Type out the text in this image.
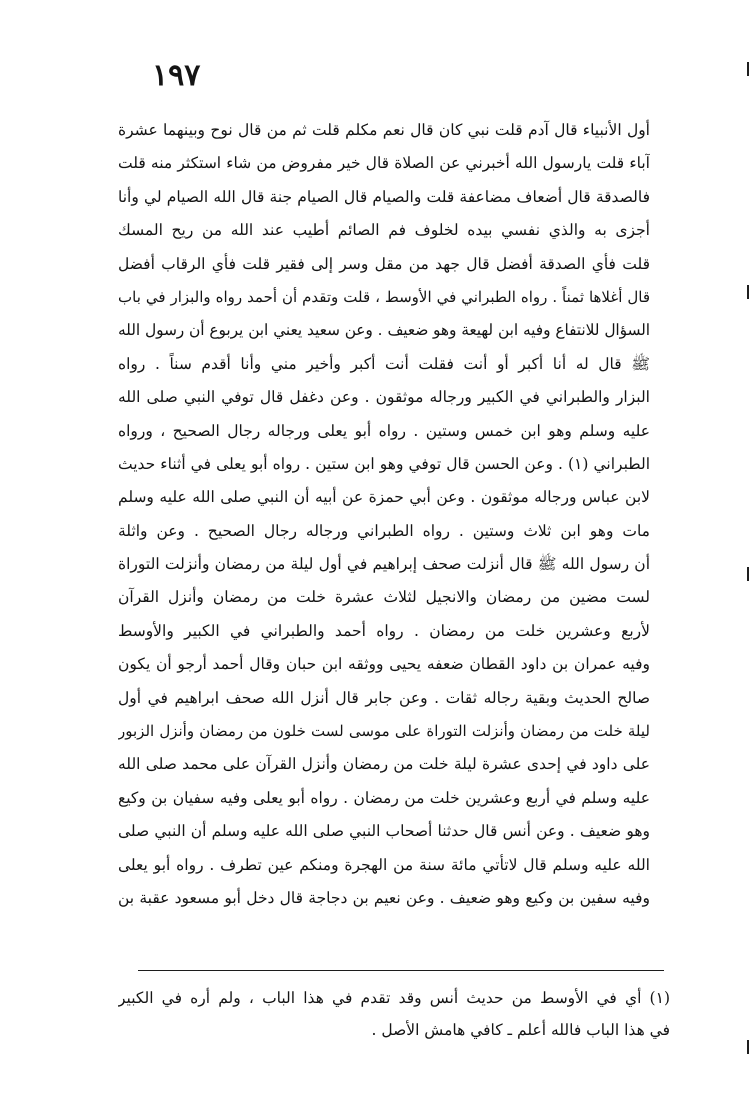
١٩٧
أول الأنبياء قال آدم قلت نبي كان قال نعم مكلم قلت ثم من قال نوح وبينهما عشرة
آباء قلت يارسول الله أخبرني عن الصلاة قال خير مفروض من شاء استكثر منه قلت
فالصدقة قال أضعاف مضاعفة قلت والصيام قال الصيام جنة قال الله الصيام لي وأنا
أجزى به والذي نفسي بيده لخلوف فم الصائم أطيب عند الله من ريح المسك
قلت فأي الصدقة أفضل قال جهد من مقل وسر إلى فقير قلت فأي الرقاب أفضل
قال أغلاها ثمناً . رواه الطبراني في الأوسط ، قلت وتقدم أن أحمد رواه والبزار في باب
السؤال للانتفاع وفيه ابن لهيعة وهو ضعيف . وعن سعيد يعني ابن يربوع أن رسول الله
ﷺ قال له أنا أكبر أو أنت فقلت أنت أكبر وأخير مني وأنا أقدم سناً . رواه
البزار والطبراني في الكبير ورجاله موثقون . وعن دغفل قال توفي النبي صلى الله
عليه وسلم وهو ابن خمس وستين . رواه أبو يعلى ورجاله رجال الصحيح ، ورواه
الطبراني (١) . وعن الحسن قال توفي وهو ابن ستين . رواه أبو يعلى في أثناء حديث
لابن عباس ورجاله موثقون . وعن أبي حمزة عن أبيه أن النبي صلى الله عليه وسلم
مات وهو ابن ثلاث وستين . رواه الطبراني ورجاله رجال الصحيح . وعن واثلة
أن رسول الله ﷺ قال أنزلت صحف إبراهيم في أول ليلة من رمضان وأنزلت التوراة
لست مضين من رمضان والانجيل لثلاث عشرة خلت من رمضان وأنزل القرآن
لأربع وعشرين خلت من رمضان . رواه أحمد والطبراني في الكبير والأوسط
وفيه عمران بن داود القطان ضعفه يحيى ووثقه ابن حبان وقال أحمد أرجو أن يكون
صالح الحديث وبقية رجاله ثقات . وعن جابر قال أنزل الله صحف ابراهيم في أول
ليلة خلت من رمضان وأنزلت التوراة على موسى لست خلون من رمضان وأنزل الزبور
على داود في إحدى عشرة ليلة خلت من رمضان وأنزل القرآن على محمد صلى الله
عليه وسلم في أربع وعشرين خلت من رمضان . رواه أبو يعلى وفيه سفيان بن وكيع
وهو ضعيف . وعن أنس قال حدثنا أصحاب النبي صلى الله عليه وسلم أن النبي صلى
الله عليه وسلم قال لاتأتي مائة سنة من الهجرة ومنكم عين تطرف . رواه أبو يعلى
وفيه سفين بن وكيع وهو ضعيف . وعن نعيم بن دجاجة قال دخل أبو مسعود عقبة بن
(١) أي في الأوسط من حديث أنس وقد تقدم في هذا الباب ، ولم أره في الكبير
في هذا الباب فالله أعلم ـ كافي هامش الأصل .
